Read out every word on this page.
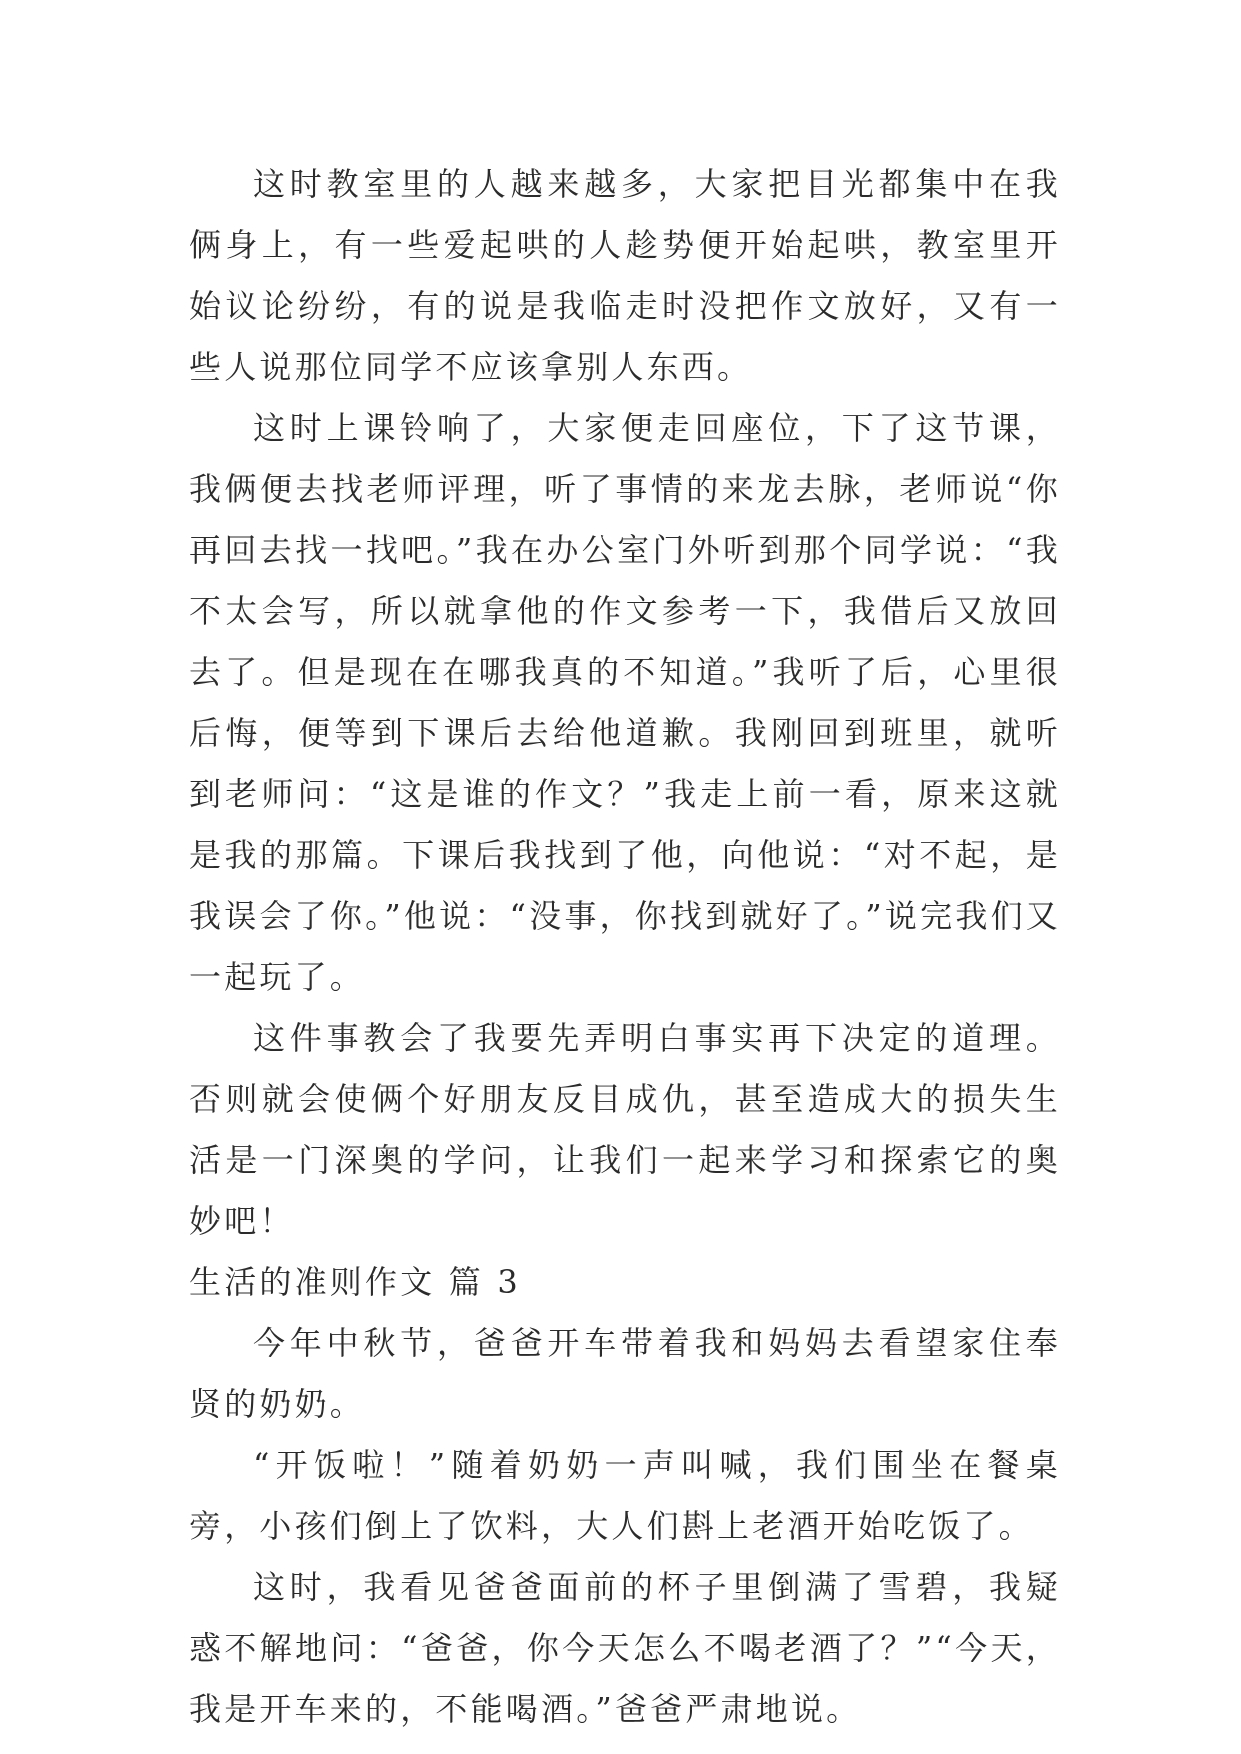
这时教室里的人越来越多，大家把目光都集中在我俩身上，有一些爱起哄的人趁势便开始起哄，教室里开始议论纷纷，有的说是我临走时没把作文放好，又有一些人说那位同学不应该拿别人东西。

这时上课铃响了，大家便走回座位，下了这节课，我俩便去找老师评理，听了事情的来龙去脉，老师说“你再回去找一找吧。”我在办公室门外听到那个同学说：“我不太会写，所以就拿他的作文参考一下，我借后又放回去了。但是现在在哪我真的不知道。”我听了后，心里很后悔，便等到下课后去给他道歉。我刚回到班里，就听到老师问：“这是谁的作文？”我走上前一看，原来这就是我的那篇。下课后我找到了他，向他说：“对不起，是我误会了你。”他说：“没事，你找到就好了。”说完我们又一起玩了。

这件事教会了我要先弄明白事实再下决定的道理。否则就会使俩个好朋友反目成仇，甚至造成大的损失生活是一门深奥的学问，让我们一起来学习和探索它的奥妙吧！

生活的准则作文 篇 3

今年中秋节，爸爸开车带着我和妈妈去看望家住奉贤的奶奶。

“开饭啦！”随着奶奶一声叫喊，我们围坐在餐桌旁，小孩们倒上了饮料，大人们斟上老酒开始吃饭了。

这时，我看见爸爸面前的杯子里倒满了雪碧，我疑惑不解地问：“爸爸，你今天怎么不喝老酒了？”“今天，我是开车来的，不能喝酒。”爸爸严肃地说。
